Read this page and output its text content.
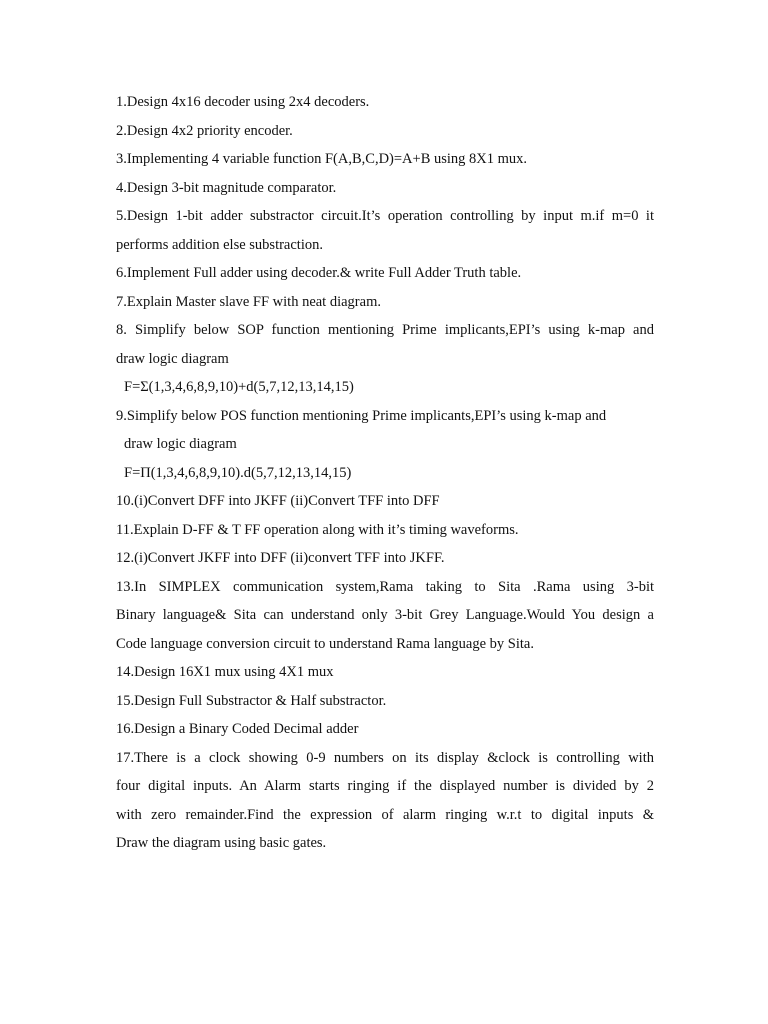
1.Design 4x16 decoder using 2x4 decoders.
2.Design 4x2 priority encoder.
3.Implementing 4 variable function F(A,B,C,D)=A+B using 8X1 mux.
4.Design 3-bit magnitude comparator.
5.Design 1-bit adder substractor circuit.It’s operation controlling by input m.if m=0 it
performs addition else substraction.
6.Implement Full adder using decoder.& write Full Adder Truth table.
7.Explain Master slave FF with neat diagram.
8. Simplify below SOP function mentioning Prime implicants,EPI’s using k-map and
draw logic diagram
F=Σ(1,3,4,6,8,9,10)+d(5,7,12,13,14,15)
9.Simplify below POS function mentioning Prime implicants,EPI’s using k-map and
draw logic diagram
F=Π(1,3,4,6,8,9,10).d(5,7,12,13,14,15)
10.(i)Convert DFF into JKFF (ii)Convert TFF into DFF
11.Explain D-FF & T FF operation along with it’s timing waveforms.
12.(i)Convert JKFF into DFF (ii)convert TFF into JKFF.
13.In SIMPLEX communication system,Rama taking to Sita .Rama using 3-bit
Binary language& Sita can understand only 3-bit Grey Language.Would You design a
Code language conversion circuit to understand Rama language by Sita.
14.Design 16X1 mux using 4X1 mux
15.Design Full Substractor & Half substractor.
16.Design a Binary Coded Decimal adder
17.There is a clock showing 0-9 numbers on its display &clock is controlling with
four digital inputs. An Alarm starts ringing if the displayed number is divided by 2
with zero remainder.Find the expression of alarm ringing w.r.t to digital inputs &
Draw the diagram using basic gates.
